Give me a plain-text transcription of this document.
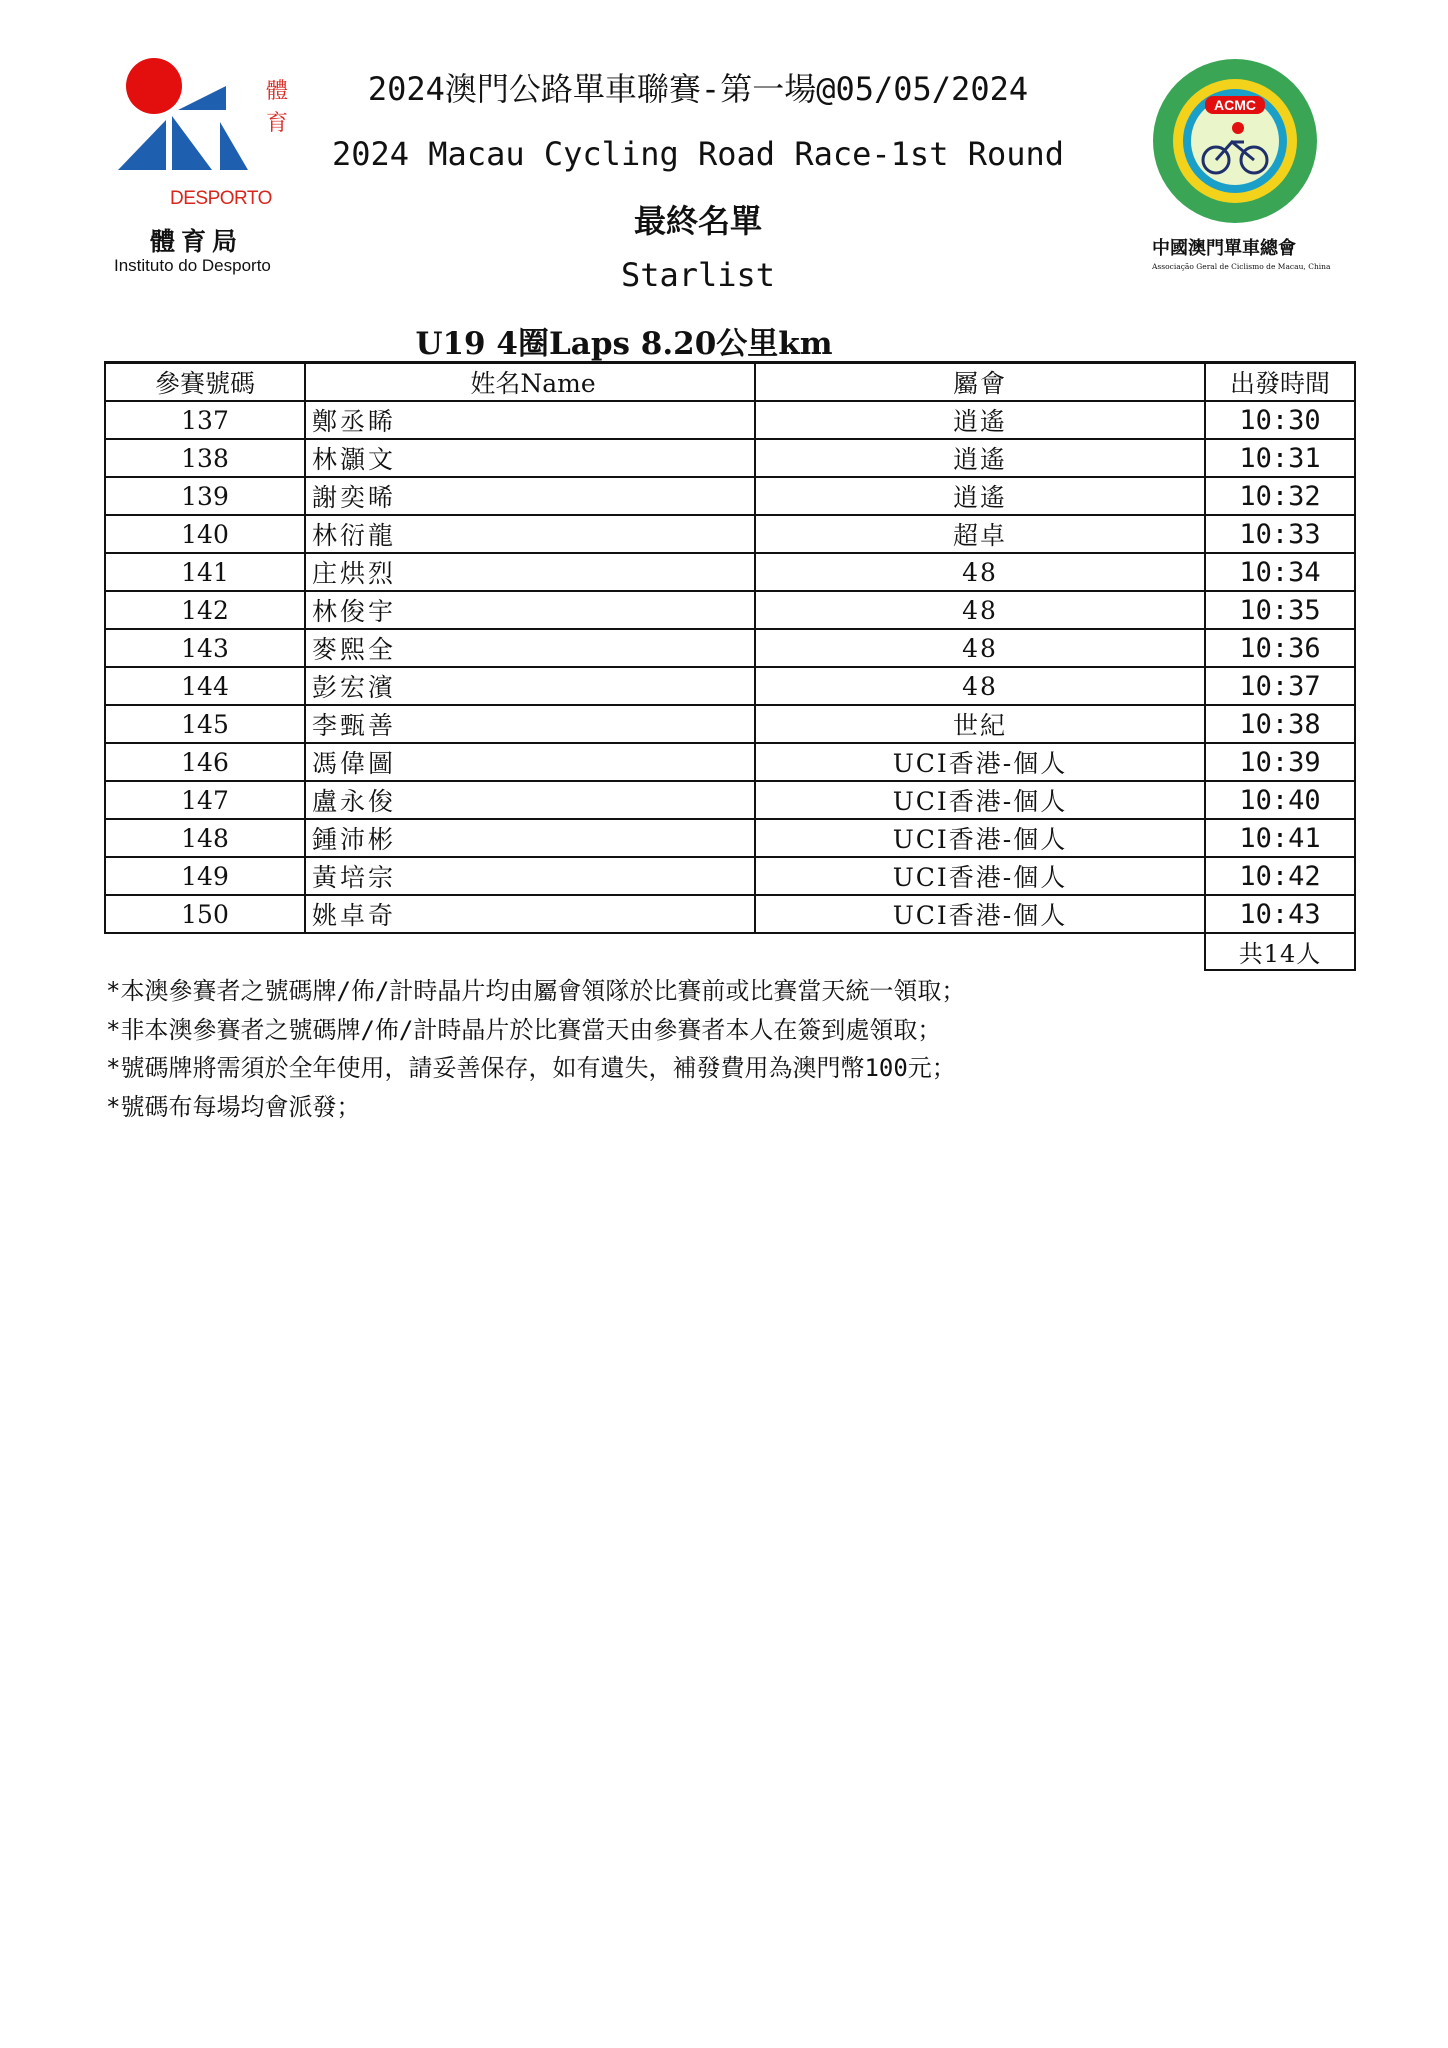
體
育
DESPORTO
體育局
Instituto do Desporto
ACMC
中國澳門單車總會
Associação Geral de Ciclismo de Macau, China
2024澳門公路單車聯賽-第一場@05/05/2024
2024 Macau Cycling Road Race-1st Round
最終名單
Starlist
U19 4圈Laps 8.20公里km
參賽號碼	姓名Name	屬會	出發時間
137	鄭丞睎	逍遙	10:30
138	林灝文	逍遙	10:31
139	謝奕晞	逍遙	10:32
140	林衍龍	超卓	10:33
141	庄烘烈	48	10:34
142	林俊宇	48	10:35
143	麥熙全	48	10:36
144	彭宏濱	48	10:37
145	李甄善	世紀	10:38
146	馮偉圖	UCI香港-個人	10:39
147	盧永俊	UCI香港-個人	10:40
148	鍾沛彬	UCI香港-個人	10:41
149	黃培宗	UCI香港-個人	10:42
150	姚卓奇	UCI香港-個人	10:43
			共14人
*本澳參賽者之號碼牌/佈/計時晶片均由屬會領隊於比賽前或比賽當天統一領取；
*非本澳參賽者之號碼牌/佈/計時晶片於比賽當天由參賽者本人在簽到處領取；
*號碼牌將需須於全年使用，請妥善保存，如有遺失，補發費用為澳門幣100元；
*號碼布每場均會派發；
